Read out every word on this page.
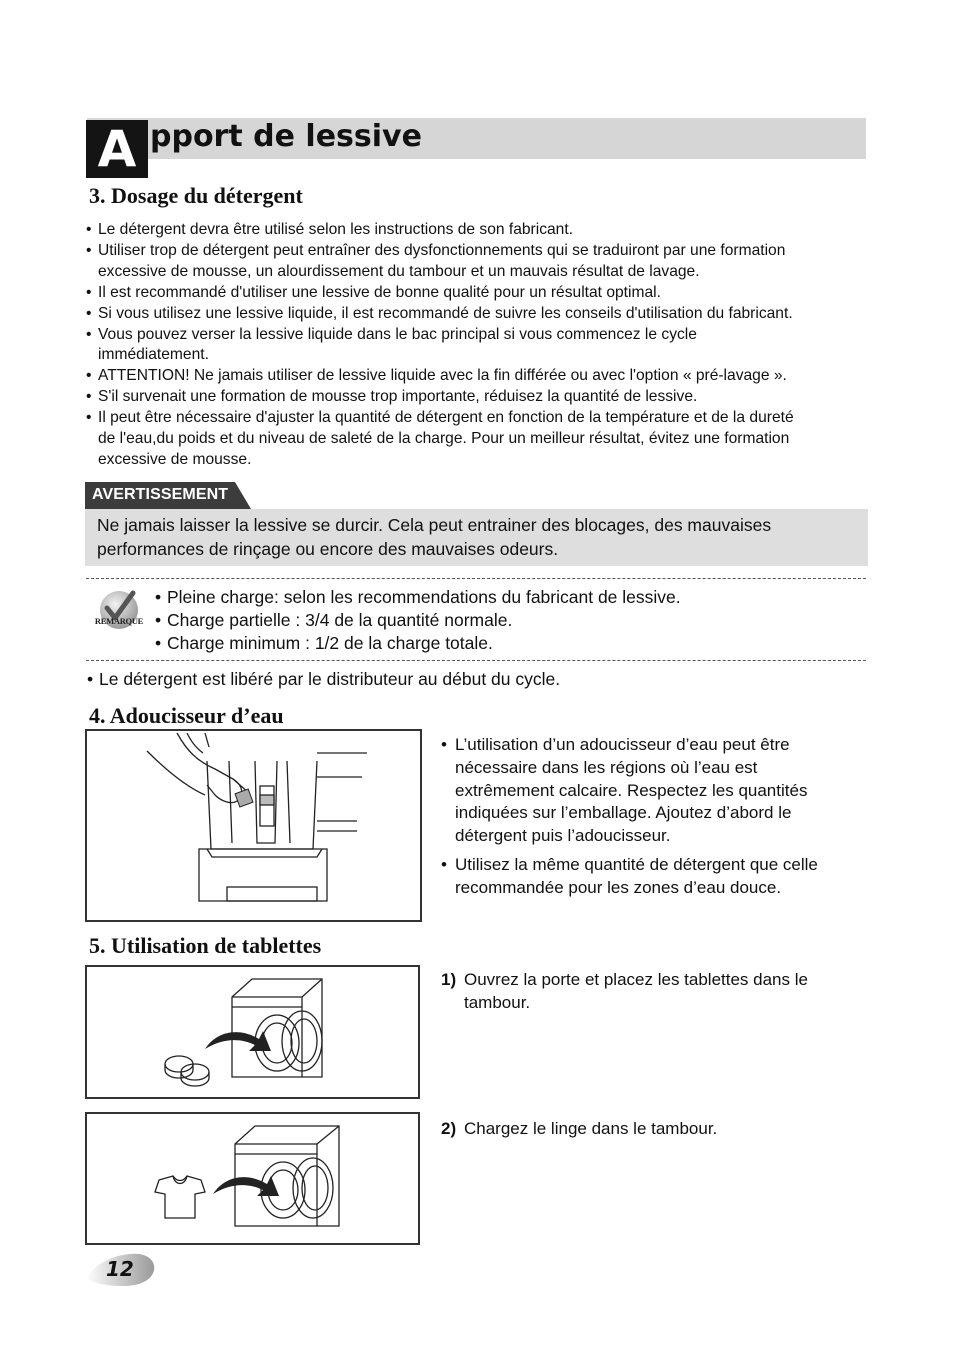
A pport de lessive
3. Dosage du détergent
• Le détergent devra être utilisé selon les instructions de son fabricant.
• Utiliser trop de détergent peut entraîner des dysfonctionnements qui se traduiront par une formation
excessive de mousse, un alourdissement du tambour et un mauvais résultat de lavage.
• Il est recommandé d'utiliser une lessive de bonne qualité pour un résultat optimal.
• Si vous utilisez une lessive liquide, il est recommandé de suivre les conseils d'utilisation du fabricant.
• Vous pouvez verser la lessive liquide dans le bac principal si vous commencez le cycle
immédiatement.
• ATTENTION! Ne jamais utiliser de lessive liquide avec la fin différée ou avec l'option « pré-lavage ».
• S'il survenait une formation de mousse trop importante, réduisez la quantité de lessive.
• Il peut être nécessaire d'ajuster la quantité de détergent en fonction de la température et de la dureté
de l'eau,du poids et du niveau de saleté de la charge. Pour un meilleur résultat, évitez une formation
excessive de mousse.
AVERTISSEMENT
Ne jamais laisser la lessive se durcir. Cela peut entrainer des blocages, des mauvaises
performances de rinçage ou encore des mauvaises odeurs.
REMARQUE
• Pleine charge: selon les recommendations du fabricant de lessive.
• Charge partielle : 3/4 de la quantité normale.
• Charge minimum : 1/2 de la charge totale.
• Le détergent est libéré par le distributeur au début du cycle.
4. Adoucisseur d’eau
• L’utilisation d’un adoucisseur d’eau peut être
nécessaire dans les régions où l’eau est
extrêmement calcaire. Respectez les quantités
indiquées sur l’emballage. Ajoutez d’abord le
détergent puis l’adoucisseur.
• Utilisez la même quantité de détergent que celle
recommandée pour les zones d’eau douce.
5. Utilisation de tablettes
1) Ouvrez la porte et placez les tablettes dans le
tambour.
2) Chargez le linge dans le tambour.
12
